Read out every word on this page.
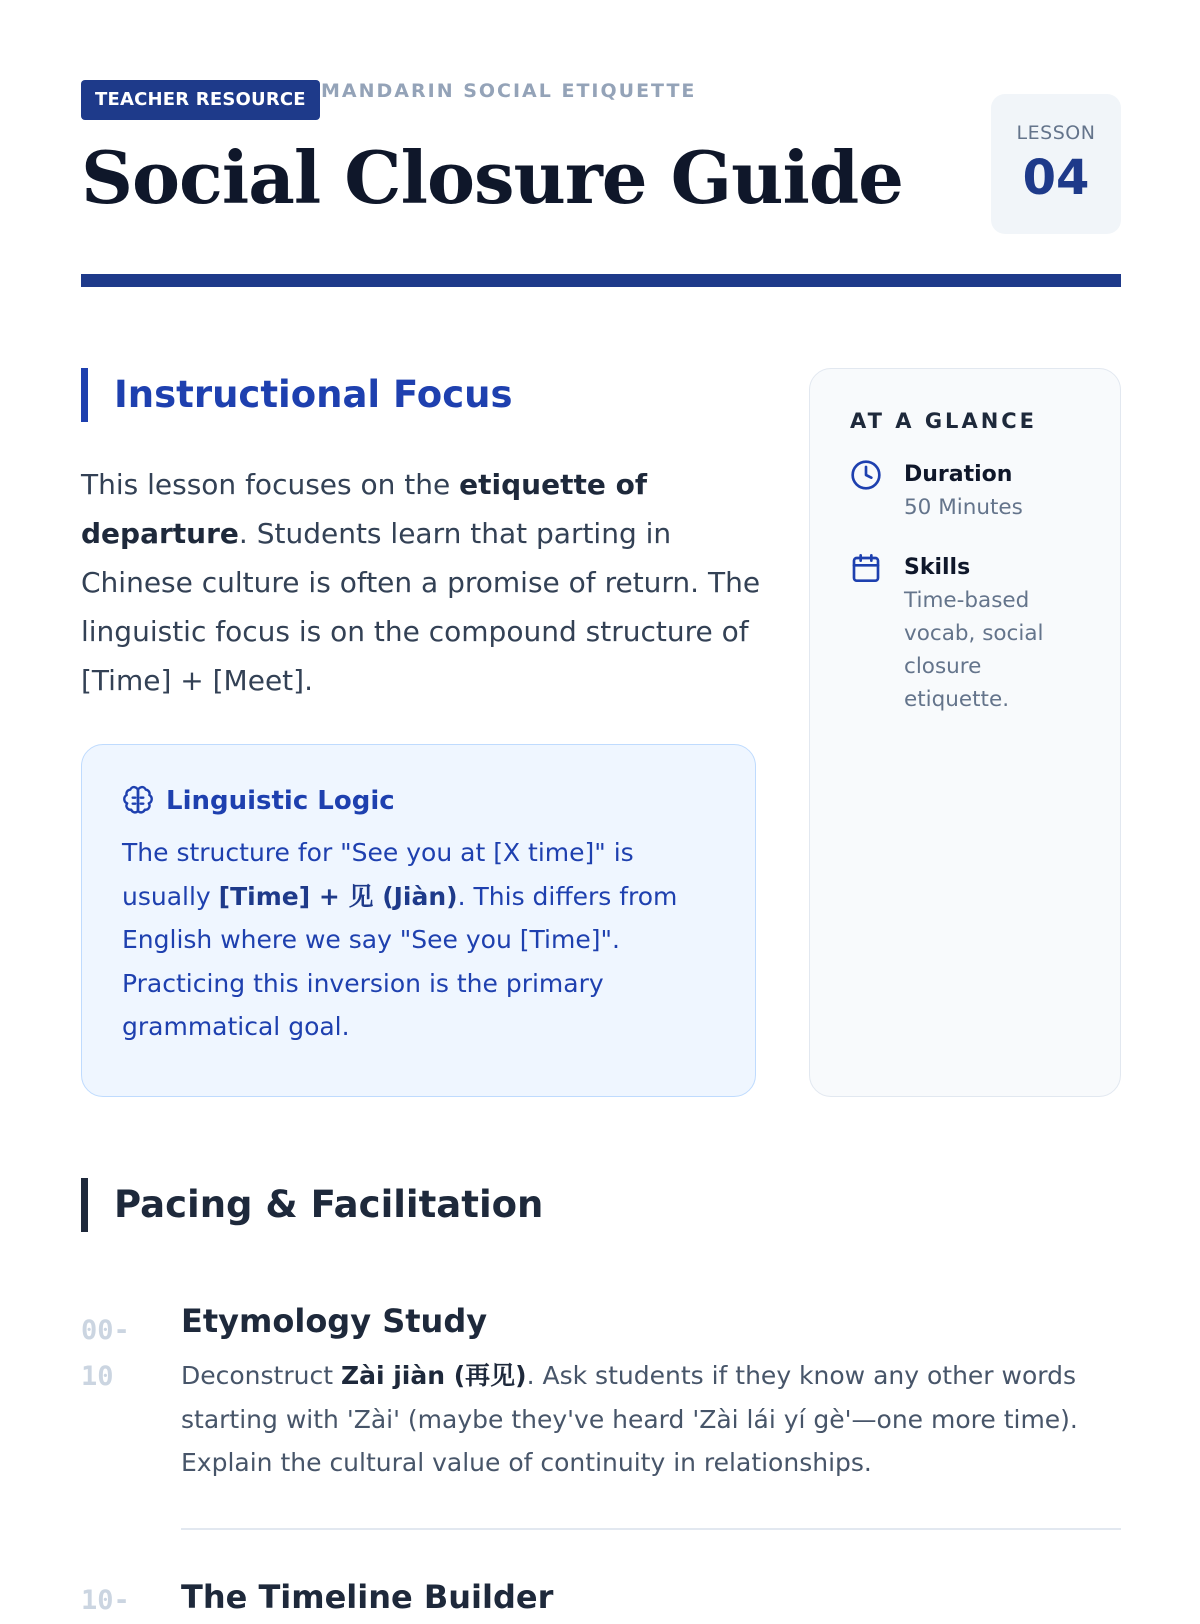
TEACHER RESOURCE MANDARIN SOCIAL ETIQUETTE
Social Closure Guide
LESSON
04
Instructional Focus

This lesson focuses on the etiquette of departure. Students learn that parting in Chinese culture is often a promise of return. The linguistic focus is on the compound structure of [Time] + [Meet].

Linguistic Logic

The structure for "See you at [X time]" is usually [Time] + 见 (Jiàn). This differs from English where we say "See you [Time]". Practicing this inversion is the primary grammatical goal.

AT A GLANCE
Duration
50 Minutes
Skills
Time-based vocab, social closure etiquette.
Pacing & Facilitation
00-10
Etymology Study

Deconstruct Zài jiàn (再见). Ask students if they know any other words starting with 'Zài' (maybe they've heard 'Zài lái yí gè'—one more time). Explain the cultural value of continuity in relationships.

10-	The Timeline Builder
